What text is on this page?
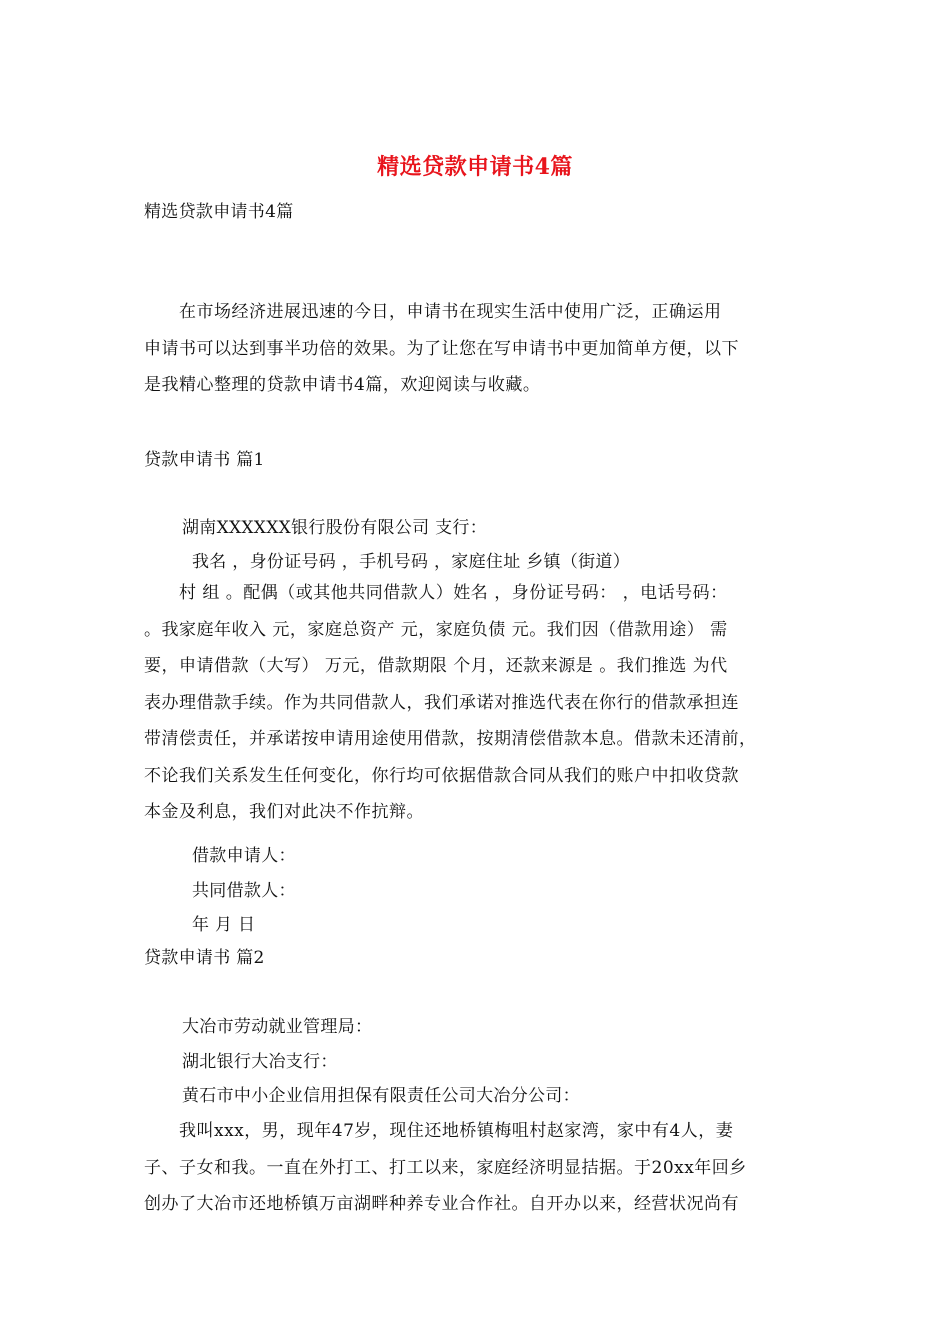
精选贷款申请书4篇
精选贷款申请书4篇
　　在市场经济进展迅速的今日，申请书在现实生活中使用广泛，正确运用
申请书可以达到事半功倍的效果。为了让您在写申请书中更加简单方便，以下
是我精心整理的贷款申请书4篇，欢迎阅读与收藏。
贷款申请书 篇1
湖南XXXXXX银行股份有限公司 支行：
我名 ，身份证号码 ，手机号码 ，家庭住址 乡镇（街道）
　　村 组 。配偶（或其他共同借款人）姓名 ，身份证号码： ，电话号码：
。我家庭年收入 元，家庭总资产 元，家庭负债 元。我们因（借款用途） 需
要，申请借款（大写） 万元，借款期限 个月，还款来源是 。我们推选 为代
表办理借款手续。作为共同借款人，我们承诺对推选代表在你行的借款承担连
带清偿责任，并承诺按申请用途使用借款，按期清偿借款本息。借款未还清前，
不论我们关系发生任何变化，你行均可依据借款合同从我们的账户中扣收贷款
本金及利息，我们对此决不作抗辩。
借款申请人：
共同借款人：
年 月 日
贷款申请书 篇2
大冶市劳动就业管理局：
湖北银行大冶支行：
黄石市中小企业信用担保有限责任公司大冶分公司：
　　我叫xxx，男，现年47岁，现住还地桥镇梅咀村赵家湾，家中有4人，妻
子、子女和我。一直在外打工、打工以来，家庭经济明显拮据。于20xx年回乡
创办了大冶市还地桥镇万亩湖畔种养专业合作社。自开办以来，经营状况尚有
